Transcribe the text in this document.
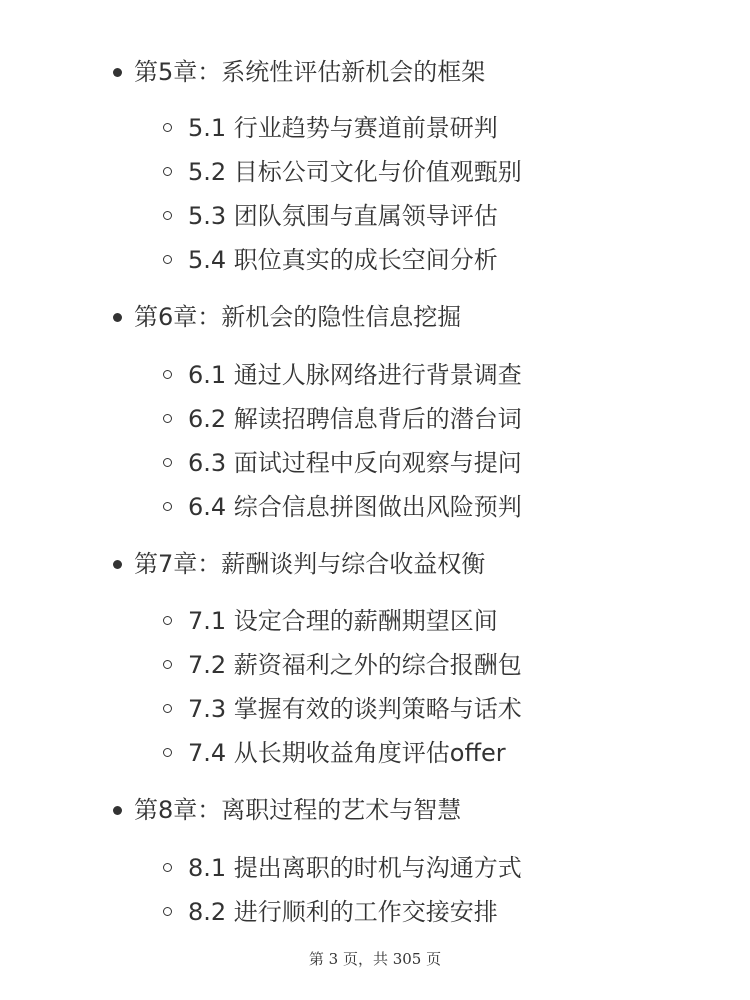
第5章：系统性评估新机会的框架
5.1 行业趋势与赛道前景研判
5.2 目标公司文化与价值观甄别
5.3 团队氛围与直属领导评估
5.4 职位真实的成长空间分析
第6章：新机会的隐性信息挖掘
6.1 通过人脉网络进行背景调查
6.2 解读招聘信息背后的潜台词
6.3 面试过程中反向观察与提问
6.4 综合信息拼图做出风险预判
第7章：薪酬谈判与综合收益权衡
7.1 设定合理的薪酬期望区间
7.2 薪资福利之外的综合报酬包
7.3 掌握有效的谈判策略与话术
7.4 从长期收益角度评估offer
第8章：离职过程的艺术与智慧
8.1 提出离职的时机与沟通方式
8.2 进行顺利的工作交接安排
第 3 页，共 305 页
